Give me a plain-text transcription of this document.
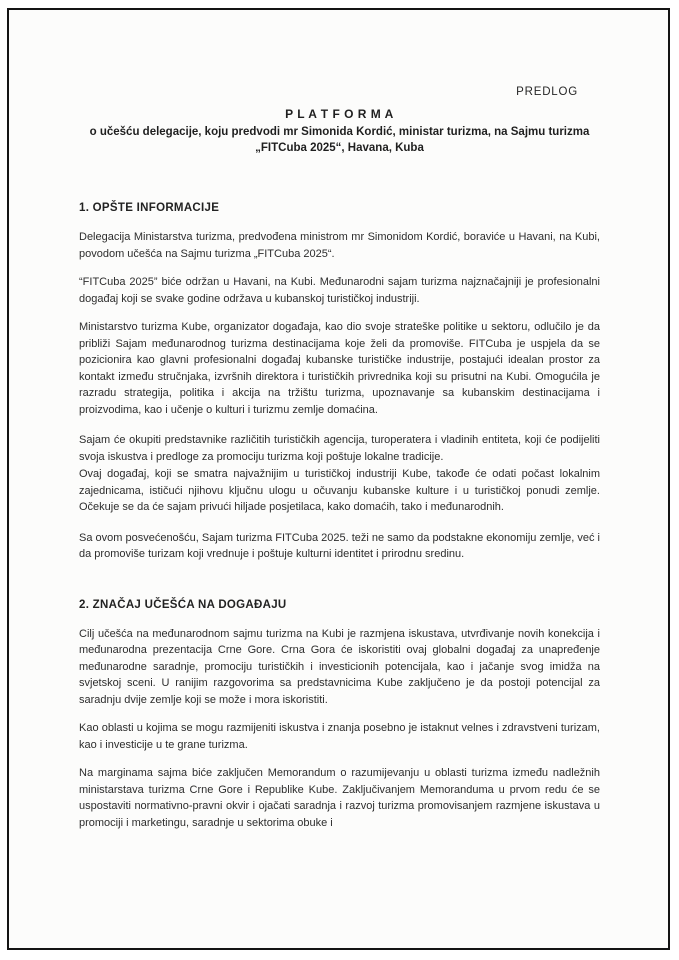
PREDLOG
P L A T F O R M A
o učešću delegacije, koju predvodi mr Simonida Kordić, ministar turizma, na Sajmu turizma „FITCuba 2025“, Havana, Kuba
1. OPŠTE INFORMACIJE

Delegacija Ministarstva turizma, predvođena ministrom mr Simonidom Kordić, boraviće u Havani, na Kubi, povodom učešća na Sajmu turizma „FITCuba 2025“.

“FITCuba 2025” biće održan u Havani, na Kubi. Međunarodni sajam turizma najznačajniji je profesionalni događaj koji se svake godine održava u kubanskoj turističkoj industriji.

Ministarstvo turizma Kube, organizator događaja, kao dio svoje strateške politike u sektoru, odlučilo je da približi Sajam međunarodnog turizma destinacijama koje želi da promoviše. FITCuba je uspjela da se pozicionira kao glavni profesionalni događaj kubanske turističke industrije, postajući idealan prostor za kontakt između stručnjaka, izvršnih direktora i turističkih privrednika koji su prisutni na Kubi. Omogućila je razradu strategija, politika i akcija na tržištu turizma, upoznavanje sa kubanskim destinacijama i proizvodima, kao i učenje o kulturi i turizmu zemlje domaćina.

Sajam će okupiti predstavnike različitih turističkih agencija, turoperatera i vladinih entiteta, koji će podijeliti svoja iskustva i predloge za promociju turizma koji poštuje lokalne tradicije.

Ovaj događaj, koji se smatra najvažnijim u turističkoj industriji Kube, takođe će odati počast lokalnim zajednicama, ističući njihovu ključnu ulogu u očuvanju kubanske kulture i u turističkoj ponudi zemlje. Očekuje se da će sajam privući hiljade posjetilaca, kako domaćih, tako i međunarodnih.

Sa ovom posvećenošću, Sajam turizma FITCuba 2025. teži ne samo da podstakne ekonomiju zemlje, već i da promoviše turizam koji vrednuje i poštuje kulturni identitet i prirodnu sredinu.

2. ZNAČAJ UČEŠĆA NA DOGAĐAJU

Cilj učešća na međunarodnom sajmu turizma na Kubi je razmjena iskustava, utvrđivanje novih konekcija i međunarodna prezentacija Crne Gore. Crna Gora će iskoristiti ovaj globalni događaj za unapređenje međunarodne saradnje, promociju turističkih i investicionih potencijala, kao i jačanje svog imidža na svjetskoj sceni. U ranijim razgovorima sa predstavnicima Kube zaključeno je da postoji potencijal za saradnju dvije zemlje koji se može i mora iskoristiti.

Kao oblasti u kojima se mogu razmijeniti iskustva i znanja posebno je istaknut velnes i zdravstveni turizam, kao i investicije u te grane turizma.

Na marginama sajma biće zaključen Memorandum o razumijevanju u oblasti turizma između nadležnih ministarstava turizma Crne Gore i Republike Kube. Zaključivanjem Memoranduma u prvom redu će se uspostaviti normativno-pravni okvir i ojačati saradnja i razvoj turizma promovisanjem razmjene iskustava u promociji i marketingu, saradnje u sektorima obuke i
